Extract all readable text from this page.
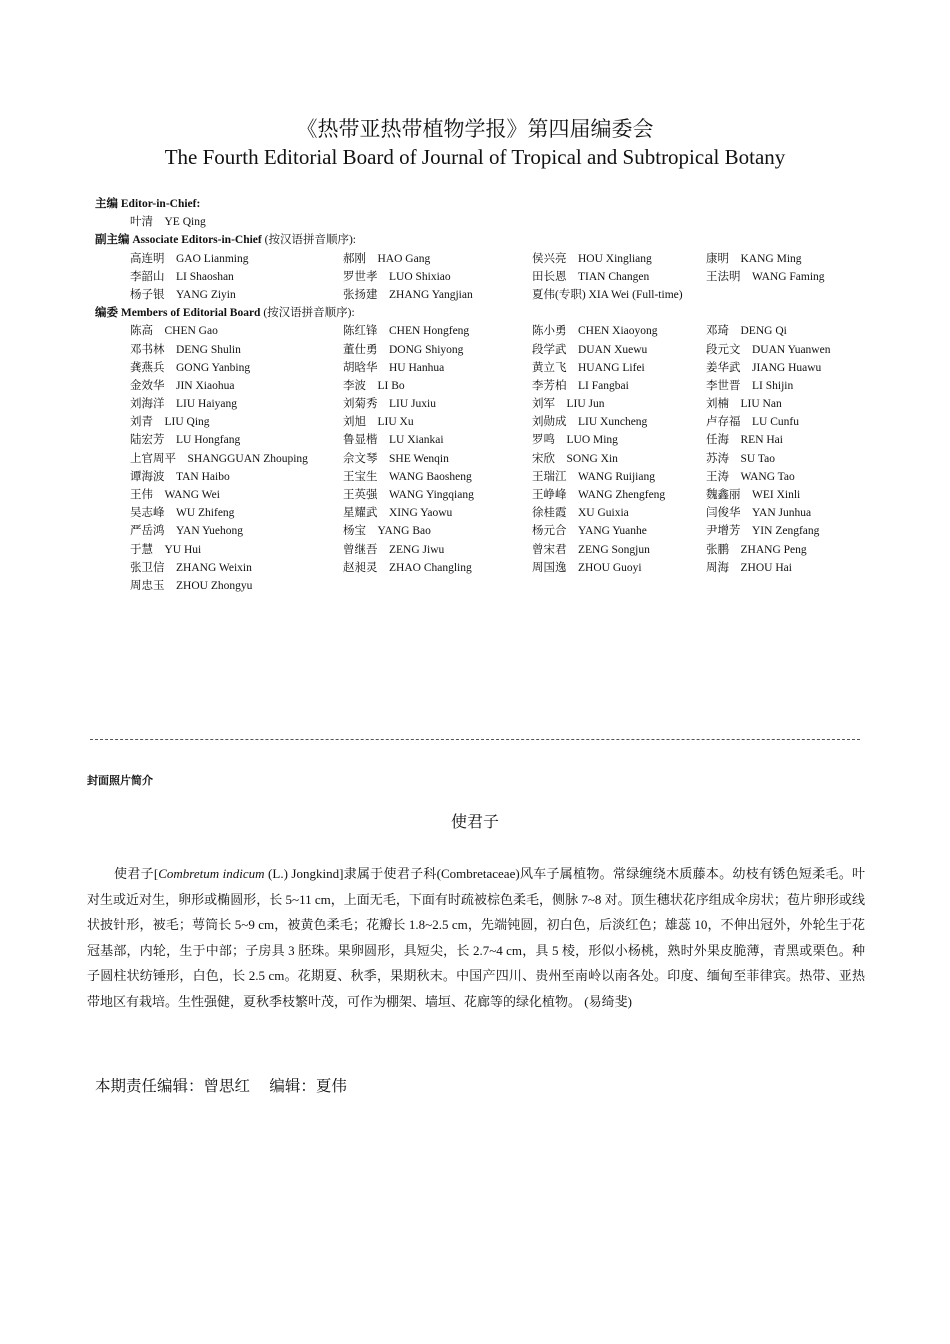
《热带亚热带植物学报》第四届编委会
The Fourth Editorial Board of Journal of Tropical and Subtropical Botany
主编 Editor-in-Chief:
叶清　YE Qing
副主编 Associate Editors-in-Chief (按汉语拼音顺序):
高连明　GAO Lianming	郝刚　HAO Gang	侯兴亮　HOU Xingliang	康明　KANG Ming
李韶山　LI Shaoshan	罗世孝　LUO Shixiao	田长恩　TIAN Changen	王法明　WANG Faming
杨子银　YANG Ziyin	张扬建　ZHANG Yangjian	夏伟(专职) XIA Wei (Full-time)
编委 Members of Editorial Board (按汉语拼音顺序):
陈高　CHEN Gao	陈红锋　CHEN Hongfeng	陈小勇　CHEN Xiaoyong	邓琦　DENG Qi
邓书林　DENG Shulin	董仕勇　DONG Shiyong	段学武　DUAN Xuewu	段元文　DUAN Yuanwen
龚燕兵　GONG Yanbing	胡晗华　HU Hanhua	黄立飞　HUANG Lifei	姜华武　JIANG Huawu
金效华　JIN Xiaohua	李波　LI Bo	李芳柏　LI Fangbai	李世晋　LI Shijin
刘海洋　LIU Haiyang	刘菊秀　LIU Juxiu	刘军　LIU Jun	刘楠　LIU Nan
刘青　LIU Qing	刘旭　LIU Xu	刘勋成　LIU Xuncheng	卢存福　LU Cunfu
陆宏芳　LU Hongfang	鲁显楷　LU Xiankai	罗鸣　LUO Ming	任海　REN Hai
上官周平　SHANGGUAN Zhouping	佘文琴　SHE Wenqin	宋欣　SONG Xin	苏涛　SU Tao
谭海波　TAN Haibo	王宝生　WANG Baosheng	王瑞江　WANG Ruijiang	王涛　WANG Tao
王伟　WANG Wei	王英强　WANG Yingqiang	王峥峰　WANG Zhengfeng	魏鑫丽　WEI Xinli
吴志峰　WU Zhifeng	星耀武　XING Yaowu	徐桂霞　XU Guixia	闫俊华　YAN Junhua
严岳鸿　YAN Yuehong	杨宝　YANG Bao	杨元合　YANG Yuanhe	尹增芳　YIN Zengfang
于慧　YU Hui	曾继吾　ZENG Jiwu	曾宋君　ZENG Songjun	张鹏　ZHANG Peng
张卫信　ZHANG Weixin	赵昶灵　ZHAO Changling	周国逸　ZHOU Guoyi	周海　ZHOU Hai
周忠玉　ZHOU Zhongyu
封面照片简介
使君子

使君子[Combretum indicum (L.) Jongkind]隶属于使君子科(Combretaceae)风车子属植物。常绿缠绕木质藤本。幼枝有锈色短柔毛。叶对生或近对生，卵形或椭圆形，长 5~11 cm，上面无毛，下面有时疏被棕色柔毛，侧脉 7~8 对。顶生穗状花序组成伞房状；苞片卵形或线状披针形，被毛；萼筒长 5~9 cm，被黄色柔毛；花瓣长 1.8~2.5 cm，先端钝圆，初白色，后淡红色；雄蕊 10，不伸出冠外，外轮生于花冠基部，内轮，生于中部；子房具 3 胚珠。果卵圆形，具短尖，长 2.7~4 cm，具 5 棱，形似小杨桃，熟时外果皮脆薄，青黑或栗色。种子圆柱状纺锤形，白色，长 2.5 cm。花期夏、秋季，果期秋末。中国产四川、贵州至南岭以南各处。印度、缅甸至菲律宾。热带、亚热带地区有栽培。生性强健，夏秋季枝繁叶茂，可作为棚架、墙垣、花廊等的绿化植物。 (易绮斐)

本期责任编辑：曾思红　 编辑：夏伟
